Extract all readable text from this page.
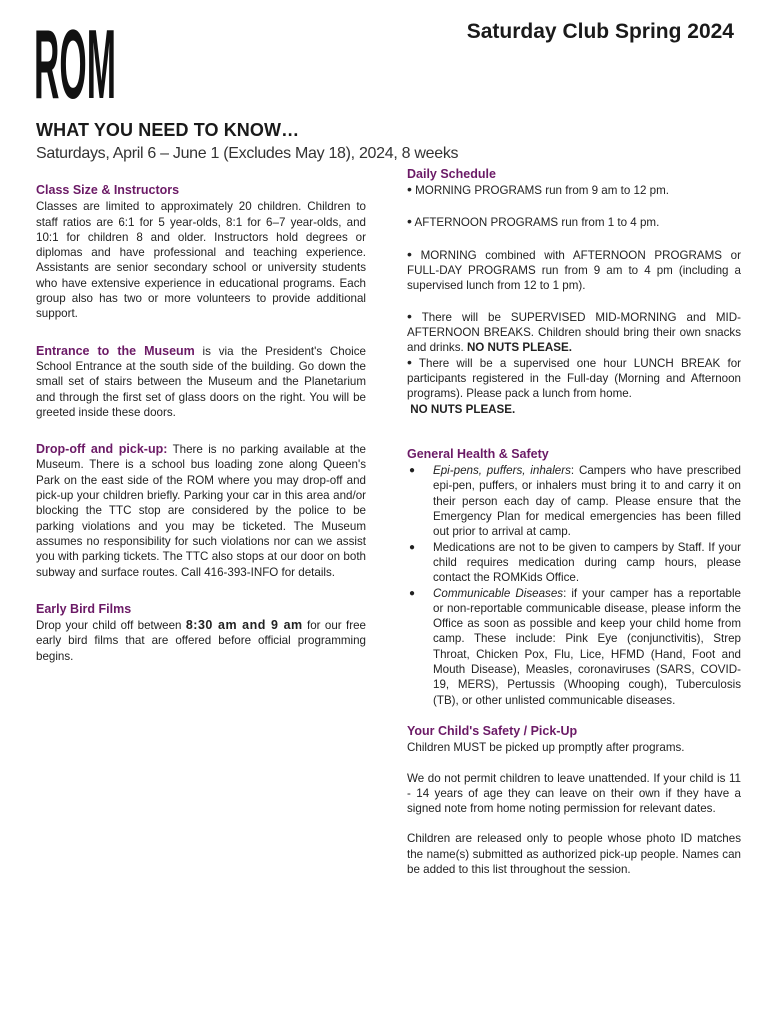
ROM	Saturday Club Spring 2024
WHAT YOU NEED TO KNOW…
Saturdays, April 6 – June 1 (Excludes May 18), 2024, 8 weeks
Class Size & Instructors

Classes are limited to approximately 20 children. Children to staff ratios are 6:1 for 5 year-olds, 8:1 for 6–7 year-olds, and 10:1 for children 8 and older. Instructors hold degrees or diplomas and have professional and teaching experience. Assistants are senior secondary school or university students who have extensive experience in educational programs. Each group also has two or more volunteers to provide additional support.

Entrance to the Museum is via the President's Choice School Entrance at the south side of the building. Go down the small set of stairs between the Museum and the Planetarium and through the first set of glass doors on the right. You will be greeted inside these doors.

Drop-off and pick-up: There is no parking available at the Museum. There is a school bus loading zone along Queen's Park on the east side of the ROM where you may drop-off and pick-up your children briefly. Parking your car in this area and/or blocking the TTC stop are considered by the police to be parking violations and you may be ticketed. The Museum assumes no responsibility for such violations nor can we assist you with parking tickets. The TTC also stops at our door on both subway and surface routes. Call 416-393-INFO for details.

Early Bird Films

Drop your child off between 8:30 am and 9 am for our free early bird films that are offered before official programming begins.

Daily Schedule

• MORNING PROGRAMS run from 9 am to 12 pm.

• AFTERNOON PROGRAMS run from 1 to 4 pm.

• MORNING combined with AFTERNOON PROGRAMS or FULL-DAY PROGRAMS run from 9 am to 4 pm (including a supervised lunch from 12 to 1 pm).

• There will be SUPERVISED MID-MORNING and MID-AFTERNOON BREAKS. Children should bring their own snacks and drinks. NO NUTS PLEASE.

• There will be a supervised one hour LUNCH BREAK for participants registered in the Full-day (Morning and Afternoon programs). Please pack a lunch from home.
NO NUTS PLEASE.

General Health & Safety
● Epi-pens, puffers, inhalers: Campers who have prescribed epi-pen, puffers, or inhalers must bring it to and carry it on their person each day of camp. Please ensure that the Emergency Plan for medical emergencies has been filled out prior to arrival at camp.
● Medications are not to be given to campers by Staff. If your child requires medication during camp hours, please contact the ROMKids Office.
● Communicable Diseases: if your camper has a reportable or non-reportable communicable disease, please inform the Office as soon as possible and keep your child home from camp. These include: Pink Eye (conjunctivitis), Strep Throat, Chicken Pox, Flu, Lice, HFMD (Hand, Foot and Mouth Disease), Measles, coronaviruses (SARS, COVID-19, MERS), Pertussis (Whooping cough), Tuberculosis (TB), or other unlisted communicable diseases.
Your Child's Safety / Pick-Up

Children MUST be picked up promptly after programs.

We do not permit children to leave unattended. If your child is 11 - 14 years of age they can leave on their own if they have a signed note from home noting permission for relevant dates.

Children are released only to people whose photo ID matches the name(s) submitted as authorized pick-up people. Names can be added to this list throughout the session.
